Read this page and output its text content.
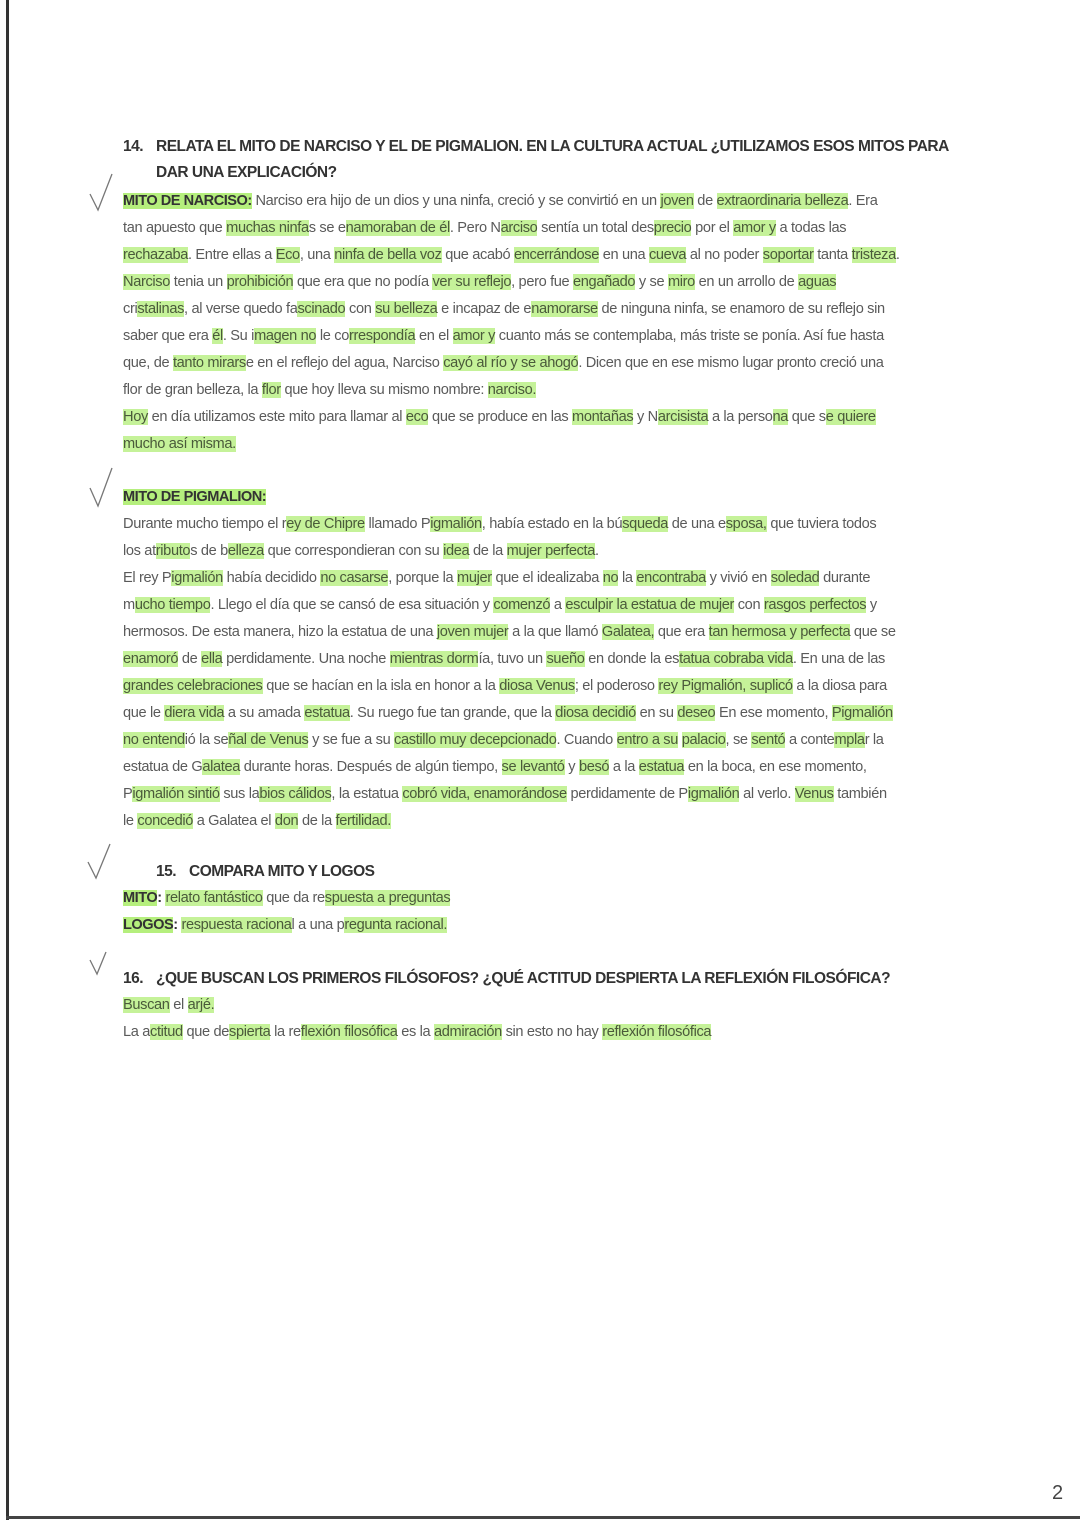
14. RELATA EL MITO DE NARCISO Y EL DE PIGMALION. EN LA CULTURA ACTUAL ¿UTILIZAMOS ESOS MITOS PARA
DAR UNA EXPLICACIÓN?
MITO DE NARCISO: Narciso era hijo de un dios y una ninfa, creció y se convirtió en un joven de extraordinaria belleza. Era
tan apuesto que muchas ninfas se enamoraban de él. Pero Narciso sentía un total desprecio por el amor y a todas las
rechazaba. Entre ellas a Eco, una ninfa de bella voz que acabó encerrándose en una cueva al no poder soportar tanta tristeza.
Narciso tenia un prohibición que era que no podía ver su reflejo, pero fue engañado y se miro en un arrollo de aguas
cristalinas, al verse quedo fascinado con su belleza e incapaz de enamorarse de ninguna ninfa, se enamoro de su reflejo sin
saber que era él. Su imagen no le correspondía en el amor y cuanto más se contemplaba, más triste se ponía. Así fue hasta
que, de tanto mirarse en el reflejo del agua, Narciso cayó al río y se ahogó. Dicen que en ese mismo lugar pronto creció una
flor de gran belleza, la flor que hoy lleva su mismo nombre: narciso.
Hoy en día utilizamos este mito para llamar al eco que se produce en las montañas y Narcisista a la persona que se quiere
mucho así misma.
MITO DE PIGMALION:
Durante mucho tiempo el rey de Chipre llamado Pigmalión, había estado en la búsqueda de una esposa, que tuviera todos
los atributos de belleza que correspondieran con su idea de la mujer perfecta.
El rey Pigmalión había decidido no casarse, porque la mujer que el idealizaba no la encontraba y vivió en soledad durante
mucho tiempo. Llego el día que se cansó de esa situación y comenzó a esculpir la estatua de mujer con rasgos perfectos y
hermosos. De esta manera, hizo la estatua de una joven mujer a la que llamó Galatea, que era tan hermosa y perfecta que se
enamoró de ella perdidamente. Una noche mientras dormía, tuvo un sueño en donde la estatua cobraba vida. En una de las
grandes celebraciones que se hacían en la isla en honor a la diosa Venus; el poderoso rey Pigmalión, suplicó a la diosa para
que le diera vida a su amada estatua. Su ruego fue tan grande, que la diosa decidió en su deseo En ese momento, Pigmalión
no entendió la señal de Venus y se fue a su castillo muy decepcionado. Cuando entro a su palacio, se sentó a contemplar la
estatua de Galatea durante horas. Después de algún tiempo, se levantó y besó a la estatua en la boca, en ese momento,
Pigmalión sintió sus labios cálidos, la estatua cobró vida, enamorándose perdidamente de Pigmalión al verlo. Venus también
le concedió a Galatea el don de la fertilidad.
15. COMPARA MITO Y LOGOS
MITO: relato fantástico que da respuesta a preguntas
LOGOS: respuesta racional a una pregunta racional.
16. ¿QUE BUSCAN LOS PRIMEROS FILÓSOFOS? ¿QUÉ ACTITUD DESPIERTA LA REFLEXIÓN FILOSÓFICA?
Buscan el arjé.
La actitud que despierta la reflexión filosófica es la admiración sin esto no hay reflexión filosófica
2
